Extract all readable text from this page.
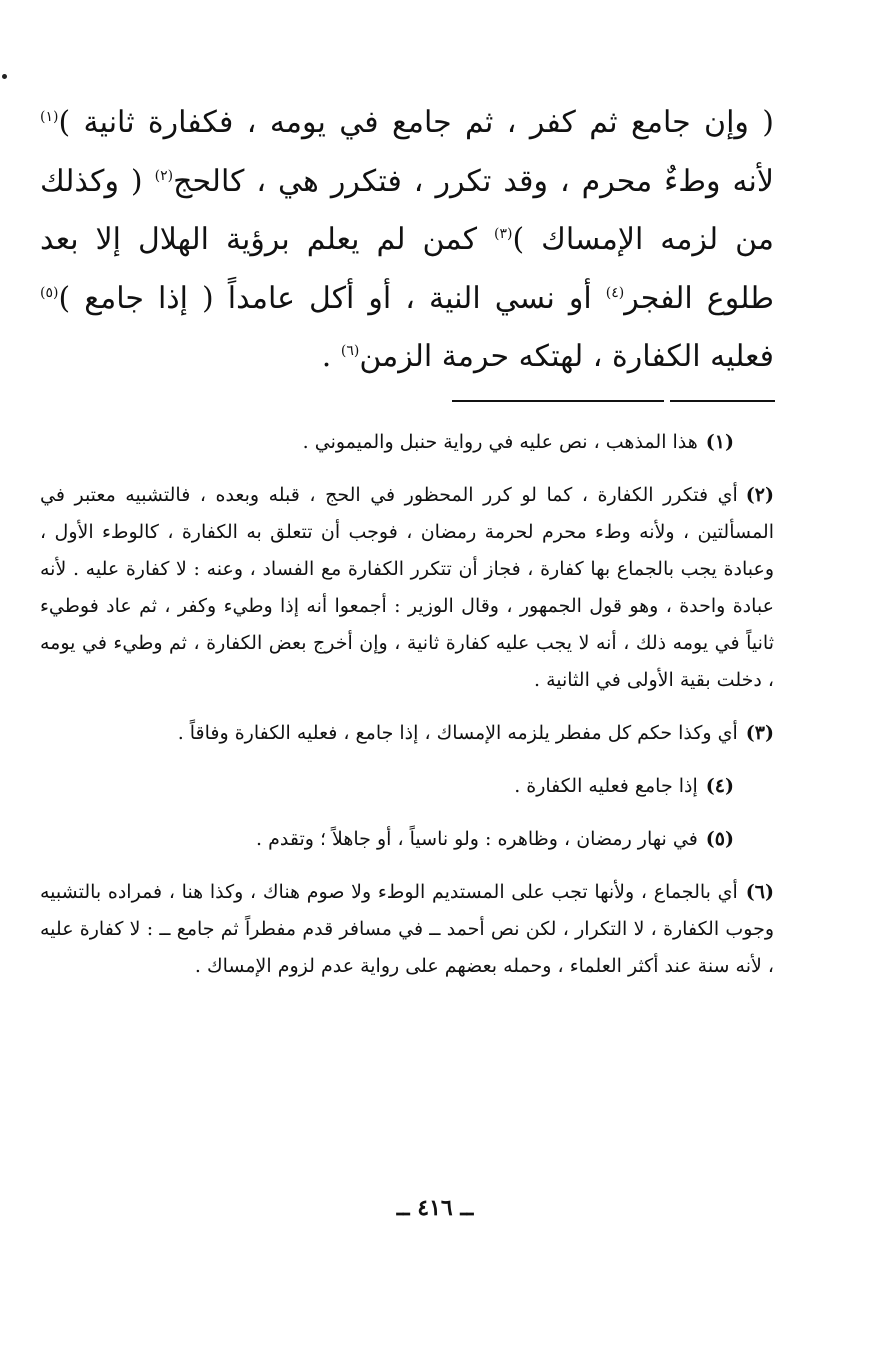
( وإن جامع ثم كفر ، ثم جامع في يومه ، فكفارة ثانية )$^{(١)}$ لأنه وطءٌ محرم ، وقد تكرر ، فتكرر هي ، كالحج$^{(٢)}$ ( وكذلك من لزمه الإمساك )$^{(٣)}$ كمن لم يعلم برؤية الهلال إلا بعد طلوع الفجر$^{(٤)}$ أو نسي النية ، أو أكل عامداً ( إذا جامع )$^{(٥)}$ فعليه الكفارة ، لهتكه حرمة الزمن$^{(٦)}$ .

(١)هذا المذهب ، نص عليه في رواية حنبل والميموني .

(٢)أي فتكرر الكفارة ، كما لو كرر المحظور في الحج ، قبله وبعده ، فالتشبيه معتبر في المسألتين ، ولأنه وطء محرم لحرمة رمضان ، فوجب أن تتعلق به الكفارة ، كالوطء الأول ، وعبادة يجب بالجماع بها كفارة ، فجاز أن تتكرر الكفارة مع الفساد ، وعنه : لا كفارة عليه . لأنه عبادة واحدة ، وهو قول الجمهور ، وقال الوزير : أجمعوا أنه إذا وطيء وكفر ، ثم عاد فوطيء ثانياً في يومه ذلك ، أنه لا يجب عليه كفارة ثانية ، وإن أخرج بعض الكفارة ، ثم وطيء في يومه ، دخلت بقية الأولى في الثانية .

(٣)أي وكذا حكم كل مفطر يلزمه الإمساك ، إذا جامع ، فعليه الكفارة وفاقاً .

(٤)إذا جامع فعليه الكفارة .

(٥)في نهار رمضان ، وظاهره : ولو ناسياً ، أو جاهلاً ؛ وتقدم .

(٦)أي بالجماع ، ولأنها تجب على المستديم الوطء ولا صوم هناك ، وكذا هنا ، فمراده بالتشبيه وجوب الكفارة ، لا التكرار ، لكن نص أحمد ــ في مسافر قدم مفطراً ثم جامع ــ : لا كفارة عليه ، لأنه سنة عند أكثر العلماء ، وحمله بعضهم على رواية عدم لزوم الإمساك .

ــ ٤١٦ ــ
